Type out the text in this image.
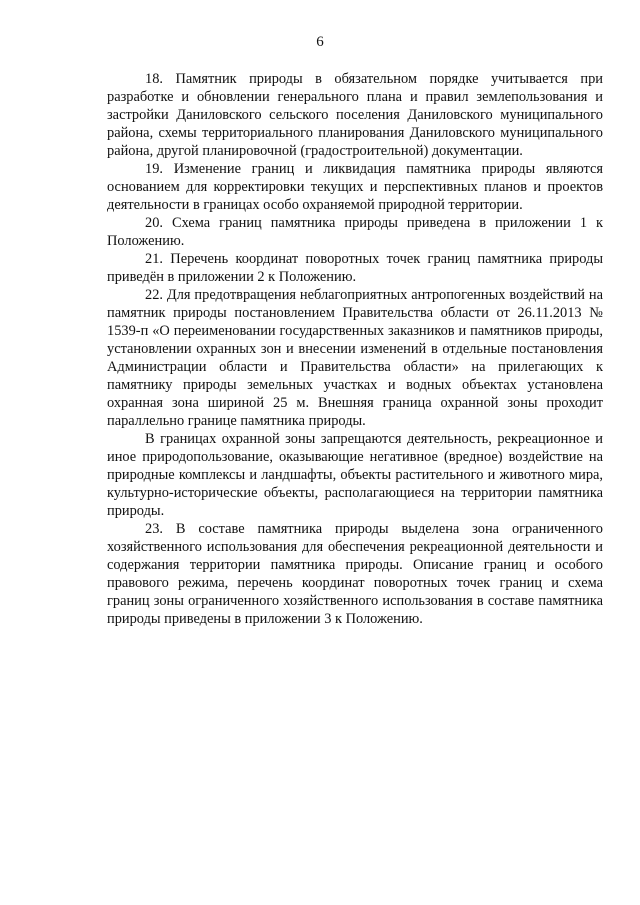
6

18. Памятник природы в обязательном порядке учитывается при разработке и обновлении генерального плана и правил землепользования и застройки Даниловского сельского поселения Даниловского муниципального района, схемы территориального планирования Даниловского муниципального района, другой планировочной (градостроительной) документации.

19. Изменение границ и ликвидация памятника природы являются основанием для корректировки текущих и перспективных планов и проектов деятельности в границах особо охраняемой природной территории.

20. Схема границ памятника природы приведена в приложении 1 к Положению.

21. Перечень координат поворотных точек границ памятника природы приведён в приложении 2 к Положению.

22. Для предотвращения неблагоприятных антропогенных воздействий на памятник природы постановлением Правительства области от 26.11.2013 № 1539-п «О переименовании государственных заказников и памятников природы, установлении охранных зон и внесении изменений в отдельные постановления Администрации области и Правительства области» на прилегающих к памятнику природы земельных участках и водных объектах установлена охранная зона шириной 25 м. Внешняя граница охранной зоны проходит параллельно границе памятника природы.

В границах охранной зоны запрещаются деятельность, рекреационное и иное природопользование, оказывающие негативное (вредное) воздействие на природные комплексы и ландшафты, объекты растительного и животного мира, культурно-исторические объекты, располагающиеся на территории памятника природы.

23. В составе памятника природы выделена зона ограниченного хозяйственного использования для обеспечения рекреационной деятельности и содержания территории памятника природы. Описание границ и особого правового режима, перечень координат поворотных точек границ и схема границ зоны ограниченного хозяйственного использования в составе памятника природы приведены в приложении 3 к Положению.
